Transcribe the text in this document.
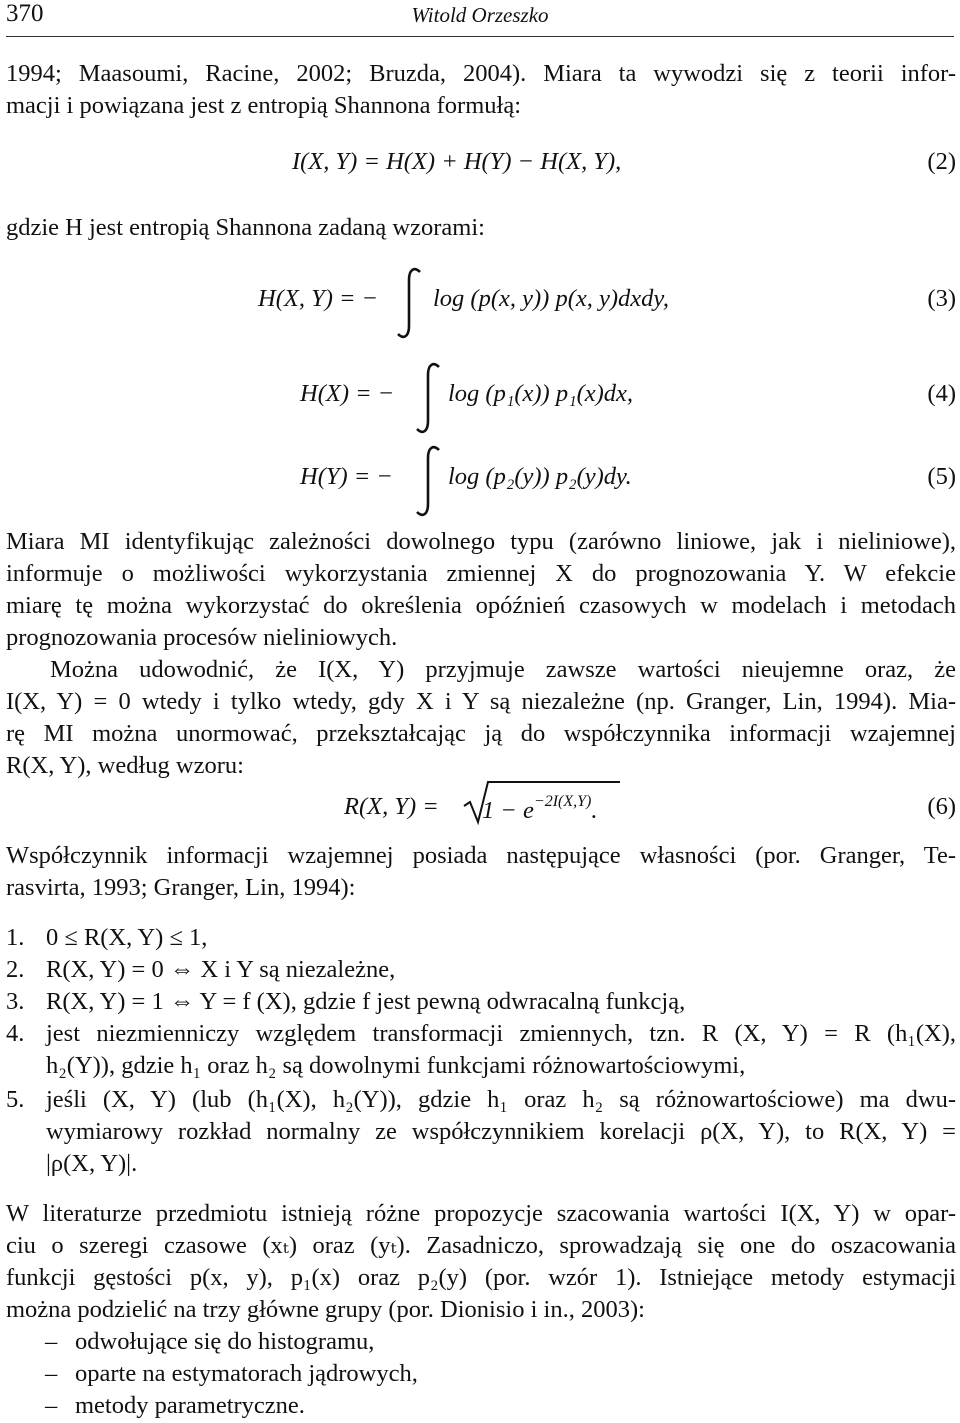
370	Witold Orzeszko
1994; Maasoumi, Racine, 2002; Bruzda, 2004). Miara ta wywodzi się z teorii infor-
macji i powiązana jest z entropią Shannona formułą:
I(X, Y) = H(X) + H(Y) − H(X, Y),	(2)
gdzie H jest entropią Shannona zadaną wzorami:
H(X, Y) = − log (p(x, y)) p(x, y)dxdy,	(3)
H(X) = − log (p₁(x)) p₁(x)dx,	(4)
H(Y) = − log (p₂(y)) p₂(y)dy.	(5)
Miara MI identyfikując zależności dowolnego typu (zarówno liniowe, jak i nieliniowe),
informuje o możliwości wykorzystania zmiennej X do prognozowania Y. W efekcie
miarę tę można wykorzystać do określenia opóźnień czasowych w modelach i metodach
prognozowania procesów nieliniowych.
Można udowodnić, że I(X, Y) przyjmuje zawsze wartości nieujemne oraz, że
I(X, Y) = 0 wtedy i tylko wtedy, gdy X i Y są niezależne (np. Granger, Lin, 1994). Mia-
rę MI można unormować, przekształcając ją do współczynnika informacji wzajemnej
R(X, Y), według wzoru:
R(X, $Y) = 1 - e^{-2I(X,Y)}$.	(6)
Współczynnik informacji wzajemnej posiada następujące własności (por. Granger, Te-
rasvirta, 1993; Granger, Lin, 1994):
1. 0 ≤ R(X, Y) ≤ 1,
2. R(X, Y) = 0 ⇔ X i Y są niezależne,
3. R(X, Y) = 1 ⇔ Y = f (X), gdzie f jest pewną odwracalną funkcją,
4. jest niezmienniczy względem transformacji zmiennych, tzn. R (X, Y) = R (h₁(X),
h₂(Y)), gdzie h₁ oraz h₂ są dowolnymi funkcjami różnowartościowymi,
5. jeśli (X, Y) (lub (h₁(X), h₂(Y)), gdzie h₁ oraz h₂ są różnowartościowe) ma dwu-
wymiarowy rozkład normalny ze współczynnikiem korelacji ρ(X, Y), to R(X, Y) =
|ρ(X, Y)|.
W literaturze przedmiotu istnieją różne propozycje szacowania wartości I(X, Y) w opar-
ciu o szeregi czasowe (xₜ) oraz (yₜ). Zasadniczo, sprowadzają się one do oszacowania
funkcji gęstości p(x, y), p₁(x) oraz p₂(y) (por. wzór 1). Istniejące metody estymacji
można podzielić na trzy główne grupy (por. Dionisio i in., 2003):
– odwołujące się do histogramu,
– oparte na estymatorach jądrowych,
– metody parametryczne.
